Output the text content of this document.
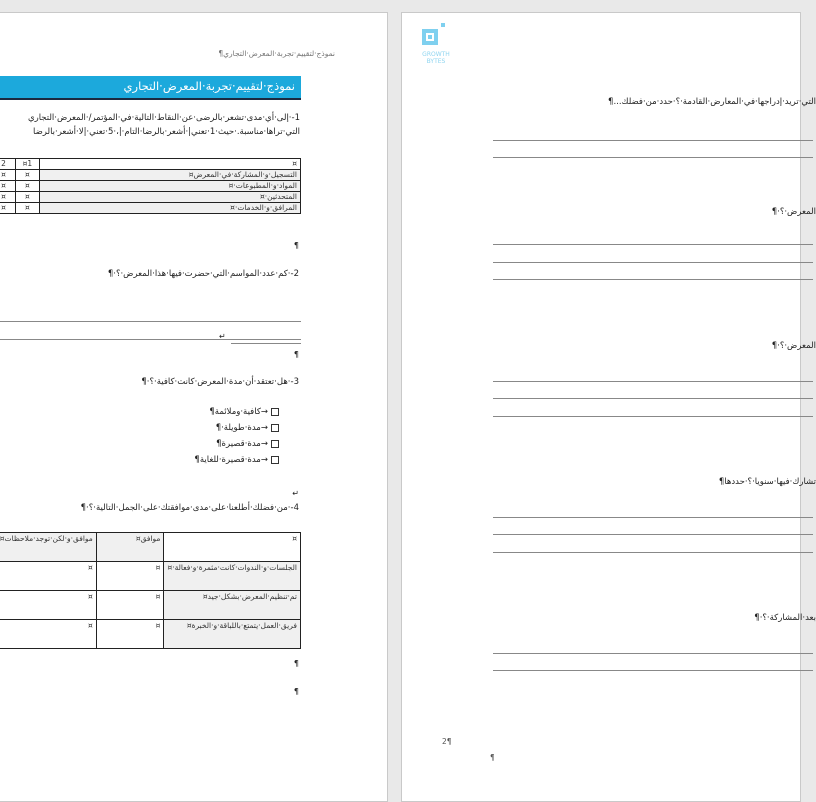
نموذج·لتقييم·تجربة·المعرض·التجاري¶
نموذج·لتقييم·تجربة·المعرض·التجاري
1-·إلى·أي·مدى·تشعر·بالرضى·عن·النقاط·التالية·في·المؤتمر/·المعرض·التجاري
التي·تراها·مناسبة.·حيث·1·تعني|·أشعر·بالرضا·التام·|،·5·تعني·|لا·أشعر·بالرضا
2	¤1	¤
¤	¤	التسجيل·و·المشاركة·في·المعرض¤
¤	¤	المواد·و·المطبوعات·¤
¤	¤	المتحدثين·¤
¤	¤	المرافق·و·الخدمات·¤
¶
2-·كم·عدد·المواسم·التي·حضرت·فيها·هذا·المعرض·؟·¶
↵
¶
3-·هل·تعتقد·أن·مدة·المعرض·كانت·كافية·؟·¶
→كافية·وملائمة¶
→مدة·طويلة·¶
→مدة·قصيرة¶
→مدة·قصيرة·للغاية¶
↵
4-·من·فضلك·أطلعنا·على·مدى·موافقتك·على·الجمل·التالية·؟·¶
موافق·و·لكن·توجد·ملاحظات¤	موافق¤	¤
¤	¤	الجلسات·و·الندوات·كانت·مثمرة·و·فعالة·¤
¤	¤	تم·تنظيم·المعرض·بشكل·جيد¤
¤	¤	فريق·العمل·يتمتع·باللباقة·و·الخبرة¤
¶
¶
GROWTH
BYTES
التي·تريد·إدراجها·في·المعارض·القادمة·؟·حدد·من·فضلك...¶
المعرض·؟·¶
المعرض·؟·¶
تشارك·فيها·سنويا·؟·حددها¶
بعد·المشاركة·؟·¶
2¶
¶
